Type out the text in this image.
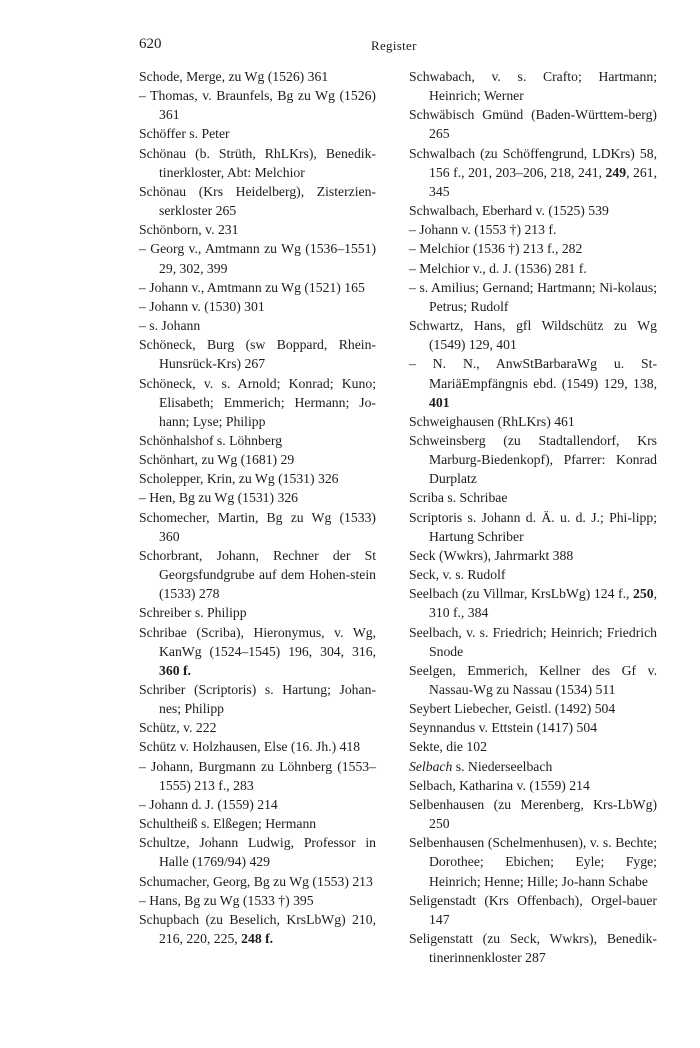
620	Register
Schode, Merge, zu Wg (1526) 361
– Thomas, v. Braunfels, Bg zu Wg (1526) 361
Schöffer s. Peter
Schönau (b. Strüth, RhLKrs), Benedik-tinerkloster, Abt: Melchior
Schönau (Krs Heidelberg), Zisterzien-serkloster 265
Schönborn, v. 231
– Georg v., Amtmann zu Wg (1536–1551) 29, 302, 399
– Johann v., Amtmann zu Wg (1521) 165
– Johann v. (1530) 301
– s. Johann
Schöneck, Burg (sw Boppard, Rhein-Hunsrück-Krs) 267
Schöneck, v. s. Arnold; Konrad; Kuno; Elisabeth; Emmerich; Hermann; Jo-hann; Lyse; Philipp
Schönhalshof s. Löhnberg
Schönhart, zu Wg (1681) 29
Scholepper, Krin, zu Wg (1531) 326
– Hen, Bg zu Wg (1531) 326
Schomecher, Martin, Bg zu Wg (1533) 360
Schorbrant, Johann, Rechner der St Georgsfundgrube auf dem Hohen-stein (1533) 278
Schreiber s. Philipp
Schribae (Scriba), Hieronymus, v. Wg, KanWg (1524–1545) 196, 304, 316, 360 f.
Schriber (Scriptoris) s. Hartung; Johan-nes; Philipp
Schütz, v. 222
Schütz v. Holzhausen, Else (16. Jh.) 418
– Johann, Burgmann zu Löhnberg (1553–1555) 213 f., 283
– Johann d. J. (1559) 214
Schultheiß s. Elßegen; Hermann
Schultze, Johann Ludwig, Professor in Halle (1769/94) 429
Schumacher, Georg, Bg zu Wg (1553) 213
– Hans, Bg zu Wg (1533 †) 395
Schupbach (zu Beselich, KrsLbWg) 210, 216, 220, 225, 248 f.
Schwabach, v. s. Crafto; Hartmann; Heinrich; Werner
Schwäbisch Gmünd (Baden-Württem-berg) 265
Schwalbach (zu Schöffengrund, LDKrs) 58, 156 f., 201, 203–206, 218, 241, 249, 261, 345
Schwalbach, Eberhard v. (1525) 539
– Johann v. (1553 †) 213 f.
– Melchior (1536 †) 213 f., 282
– Melchior v., d. J. (1536) 281 f.
– s. Amilius; Gernand; Hartmann; Ni-kolaus; Petrus; Rudolf
Schwartz, Hans, gfl Wildschütz zu Wg (1549) 129, 401
– N. N., AnwStBarbaraWg u. St-MariäEmpfängnis ebd. (1549) 129, 138, 401
Schweighausen (RhLKrs) 461
Schweinsberg (zu Stadtallendorf, Krs Marburg-Biedenkopf), Pfarrer: Konrad Durplatz
Scriba s. Schribae
Scriptoris s. Johann d. Ä. u. d. J.; Phi-lipp; Hartung Schriber
Seck (Wwkrs), Jahrmarkt 388
Seck, v. s. Rudolf
Seelbach (zu Villmar, KrsLbWg) 124 f., 250, 310 f., 384
Seelbach, v. s. Friedrich; Heinrich; Friedrich Snode
Seelgen, Emmerich, Kellner des Gf v. Nassau-Wg zu Nassau (1534) 511
Seybert Liebecher, Geistl. (1492) 504
Seynnandus v. Ettstein (1417) 504
Sekte, die 102
Selbach s. Niederseelbach
Selbach, Katharina v. (1559) 214
Selbenhausen (zu Merenberg, Krs-LbWg) 250
Selbenhausen (Schelmenhusen), v. s. Bechte; Dorothee; Ebichen; Eyle; Fyge; Heinrich; Henne; Hille; Jo-hann Schabe
Seligenstadt (Krs Offenbach), Orgel-bauer 147
Seligenstatt (zu Seck, Wwkrs), Benedik-tinerinnenkloster 287
